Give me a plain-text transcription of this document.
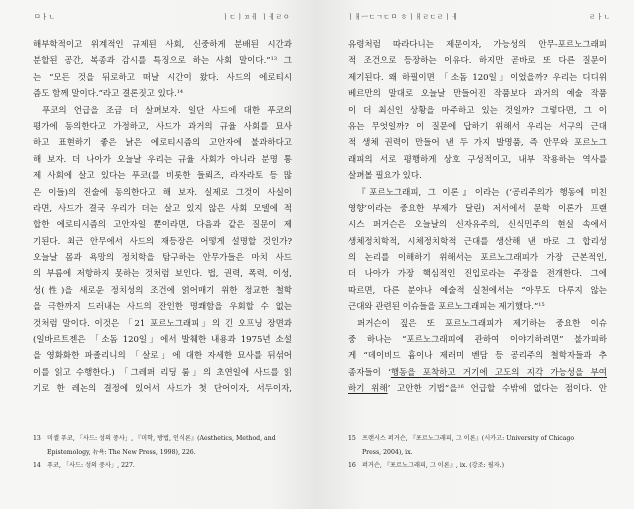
ㅁㅏㄴ	ㅣㄷㅣㅍㅔ ㅣㅔㄹㅇ
해부학적이고 위계적인 규제된 사회, 신중하게 분배된 시간과
분할된 공간, 복종과 감시를 특징으로 하는 사회 말이다.”$^{13}$ 그
는 “모든 것을 뒤로하고 떠날 시간이 왔다. 사드의 에로티시
즘도 함께 말이다.”라고 결론짓고 있다.$^{14}$
푸코의 언급을 조금 더 살펴보자. 일단 사드에 대한 푸코의
평가에 동의한다고 가정하고, 사드가 과거의 규율 사회를 묘사
하고 표현하기 좋은 낡은 에로티시즘의 고안자에 불과하다고
해 보자. 더 나아가 오늘날 우리는 규율 사회가 아니라 분명 통
제 사회에 살고 있다는 푸코(를 비롯한 들뢰즈, 라자라토 등 많
은 이들)의 진술에 동의한다고 해 보자. 실제로 그것이 사실이
라면, 사드가 결국 우리가 더는 살고 있지 않은 사회 모델에 적
합한 에로티시즘의 고안자일 뿐이라면, 다음과 같은 질문이 제
기된다. 최근 안무에서 사드의 재등장은 어떻게 설명할 것인가?
오늘날 몸과 욕망의 정치학을 탐구하는 안무가들은 마치 사드
의 부름에 저항하지 못하는 것처럼 보인다. 법, 권력, 폭력, 이성,
성(性)을 새로운 정치성의 조건에 얽어매기 위한 정교한 철학
을 극한까지 드러내는 사드의 잔인한 명쾌함을 우회할 수 없는
것처럼 말이다. 이것은 「21 포르노그래피」의 긴 오프닝 장면과
(일바르트젠은 「소돔 120일」에서 발췌한 내용과 1975년 소설
을 영화화한 파졸리니의 「살로」에 대한 자세한 묘사를 뒤섞어
이를 읽고 수행한다.) 「그레퍼 리딩 룸」의 초연일에 사드를 읽
기로 한 레논의 결정에 있어서 사드가 첫 단어이자, 서두이자,
13 미셸 푸코, 「사드: 성의 중사」, 『미학, 방법, 인식론』(Aesthetics, Method, and
Epistemology, 뉴욕: The New Press, 1998), 226.
14 푸코, 「사드: 성의 중사」, 227.
ㅣㅐㅡㄷㄱㄷㅁ ㅎㅣㅐㄹㄷㄹㅣㅔ	ㄹㅏㄴ
유령처럼 따라다니는 제문이자, 가능성의 안무-포르노그래피
적 조건으로 등장하는 이유다. 하지만 곧바로 또 다른 질문이
제기된다. 왜 하필이면 「소돔 120일」이었을까? 우리는 디디위
베르만의 말대로 오늘날 만들어진 작품보다 과거의 예술 작품
이 더 최신인 상황을 마주하고 있는 것일까? 그렇다면, 그 이
유는 무엇일까? 이 질문에 답하기 위해서 우리는 서구의 근대
적 생체 권력이 만들어 낸 두 가지 발명품, 즉 안무와 포르노그
래피의 서로 평행하게 상호 구성적이고, 내부 작용하는 역사를
살펴볼 필요가 있다.
『포르노그래피, 그 이론』이라는 (‘공리주의가 행동에 미친
영향’이라는 중요한 부제가 달린) 저서에서 문학 이론가 프랜
시스 퍼거슨은 오늘날의 신자유주의, 신식민주의 현실 속에서
생체정치학적, 시체정치학적 근대를 생산해 낸 바로 그 합리성
의 논리를 이해하기 위해서는 포르노그래피가 가장 근본적인,
더 나아가 가장 핵심적인 진입로라는 주장을 전개한다. 그에
따르면, 다른 분야나 예술적 실천에서는 “아무도 다루지 않는
근대와 관련된 이슈들을 포르노그래피는 제기했다.”$^{15}$
퍼거슨이 짚은 또 포르노그래피가 제기하는 중요한 이슈
중 하나는 “포르노그래피에 관하여 이야기하려면” 불가피하
게 “데이비드 흄이나 제러미 벤담 등 공리주의 철학자들과 추
종자들이 ‘행동을 포착하고 거기에 고도의 지각 가능성을 부여
하기 위해’ 고안한 기법”을$^{16}$ 언급할 수밖에 없다는 점이다. 안
15 프랜시스 퍼거슨, 『포르노그래피, 그 이론』(시카고: University of Chicago
Press, 2004), ix.
16 퍼거슨, 『포르노그래피, 그 이론』, ix. (강조: 필자.)
